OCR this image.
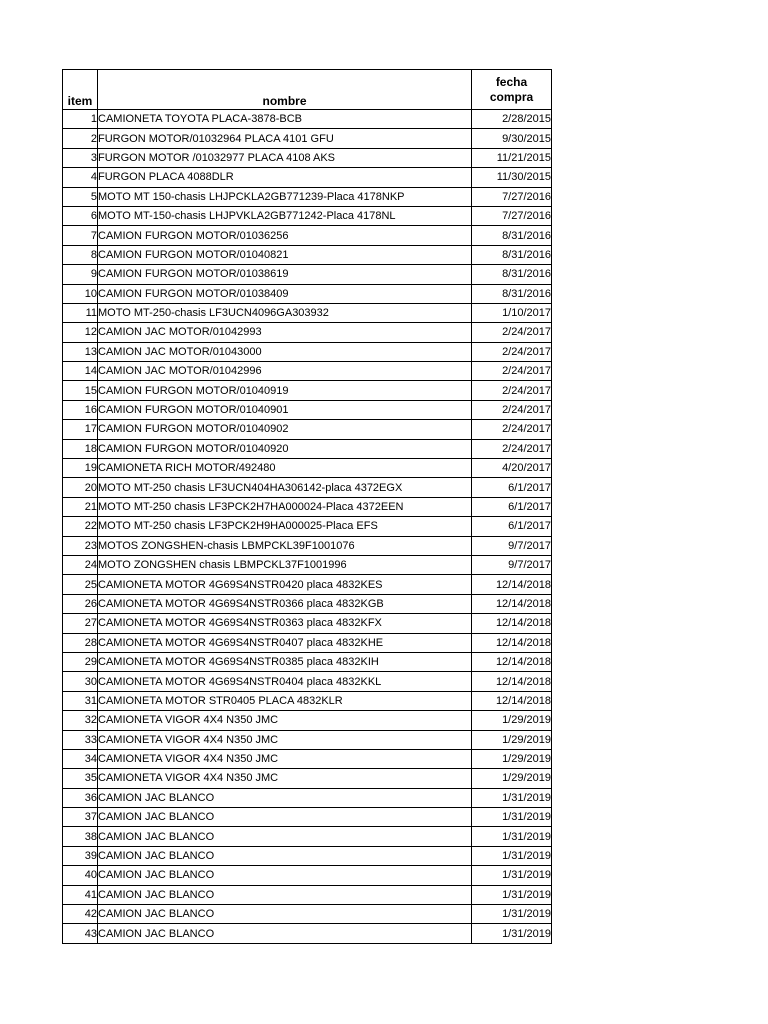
item	nombre	fecha
compra
1	CAMIONETA TOYOTA PLACA-3878-BCB	2/28/2015
2	FURGON MOTOR/01032964 PLACA 4101 GFU	9/30/2015
3	FURGON MOTOR /01032977 PLACA 4108 AKS	11/21/2015
4	FURGON PLACA 4088DLR	11/30/2015
5	MOTO MT 150-chasis LHJPCKLA2GB771239-Placa 4178NKP	7/27/2016
6	MOTO MT-150-chasis LHJPVKLA2GB771242-Placa 4178NL	7/27/2016
7	CAMION FURGON MOTOR/01036256	8/31/2016
8	CAMION FURGON MOTOR/01040821	8/31/2016
9	CAMION FURGON MOTOR/01038619	8/31/2016
10	CAMION FURGON MOTOR/01038409	8/31/2016
11	MOTO MT-250-chasis LF3UCN4096GA303932	1/10/2017
12	CAMION JAC MOTOR/01042993	2/24/2017
13	CAMION JAC MOTOR/01043000	2/24/2017
14	CAMION JAC MOTOR/01042996	2/24/2017
15	CAMION FURGON MOTOR/01040919	2/24/2017
16	CAMION FURGON MOTOR/01040901	2/24/2017
17	CAMION FURGON MOTOR/01040902	2/24/2017
18	CAMION FURGON MOTOR/01040920	2/24/2017
19	CAMIONETA RICH MOTOR/492480	4/20/2017
20	MOTO MT-250 chasis LF3UCN404HA306142-placa 4372EGX	6/1/2017
21	MOTO MT-250 chasis LF3PCK2H7HA000024-Placa 4372EEN	6/1/2017
22	MOTO MT-250 chasis LF3PCK2H9HA000025-Placa EFS	6/1/2017
23	MOTOS ZONGSHEN-chasis LBMPCKL39F1001076	9/7/2017
24	MOTO ZONGSHEN chasis LBMPCKL37F1001996	9/7/2017
25	CAMIONETA MOTOR 4G69S4NSTR0420 placa 4832KES	12/14/2018
26	CAMIONETA MOTOR 4G69S4NSTR0366 placa 4832KGB	12/14/2018
27	CAMIONETA MOTOR 4G69S4NSTR0363 placa 4832KFX	12/14/2018
28	CAMIONETA MOTOR 4G69S4NSTR0407 placa 4832KHE	12/14/2018
29	CAMIONETA MOTOR 4G69S4NSTR0385 placa 4832KIH	12/14/2018
30	CAMIONETA MOTOR 4G69S4NSTR0404 placa 4832KKL	12/14/2018
31	CAMIONETA MOTOR STR0405 PLACA 4832KLR	12/14/2018
32	CAMIONETA VIGOR 4X4 N350 JMC	1/29/2019
33	CAMIONETA VIGOR 4X4 N350 JMC	1/29/2019
34	CAMIONETA VIGOR 4X4 N350 JMC	1/29/2019
35	CAMIONETA VIGOR 4X4 N350 JMC	1/29/2019
36	CAMION JAC BLANCO	1/31/2019
37	CAMION JAC BLANCO	1/31/2019
38	CAMION JAC BLANCO	1/31/2019
39	CAMION JAC BLANCO	1/31/2019
40	CAMION JAC BLANCO	1/31/2019
41	CAMION JAC BLANCO	1/31/2019
42	CAMION JAC BLANCO	1/31/2019
43	CAMION JAC BLANCO	1/31/2019
